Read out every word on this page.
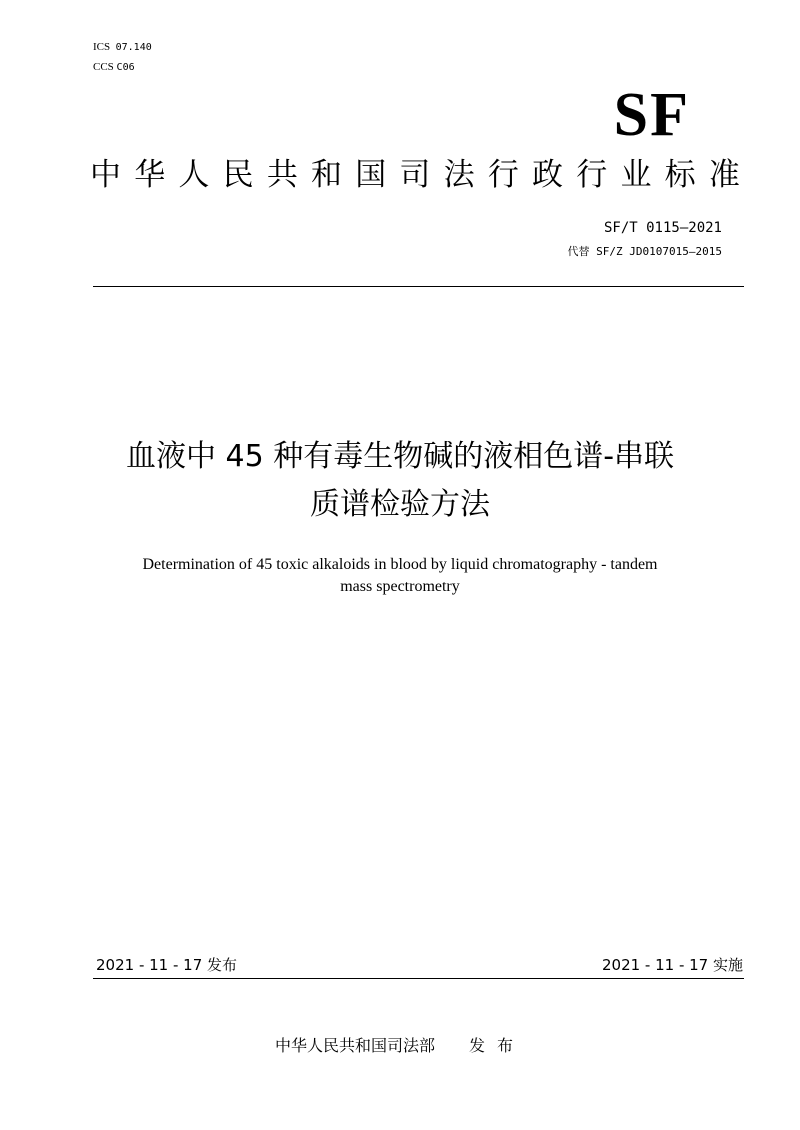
ICS 07.140
CCS C06
SF
中 华 人 民 共 和 国 司 法 行 政 行 业 标 准
SF/T 0115—2021
代替 SF/Z JD0107015—2015
血液中 45 种有毒生物碱的液相色谱-串联
质谱检验方法
Determination of 45 toxic alkaloids in blood by liquid chromatography - tandem
mass spectrometry
2021 - 11 - 17 发布	2021 - 11 - 17 实施
中华人民共和国司法部 发布
